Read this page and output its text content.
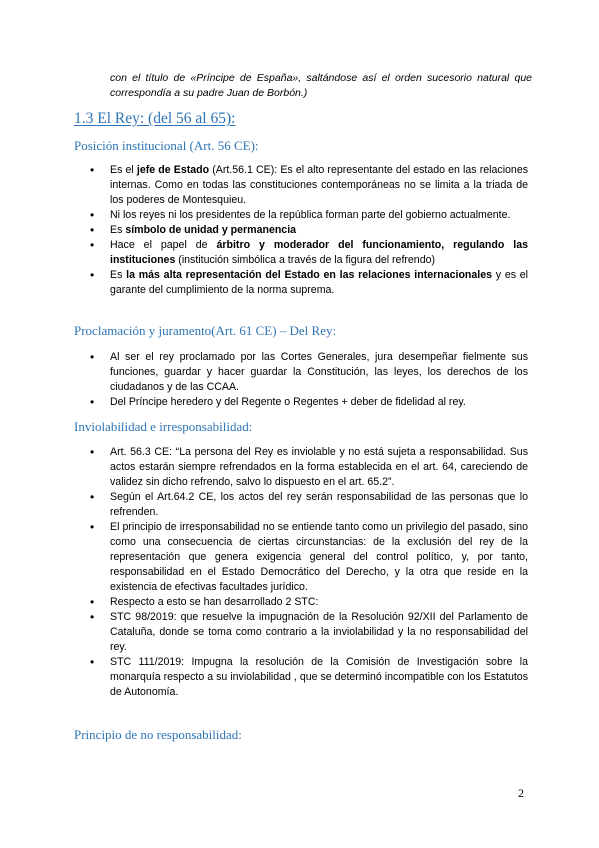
con el título de «Príncipe de España», saltándose así el orden sucesorio natural que correspondía a su padre Juan de Borbón.)
1.3 El Rey: (del 56 al 65):
Posición institucional (Art. 56 CE):
• Es el jefe de Estado (Art.56.1 CE): Es el alto representante del estado en las relaciones internas. Como en todas las constituciones contemporáneas no se limita a la triada de los poderes de Montesquieu.
• Ni los reyes ni los presidentes de la república forman parte del gobierno actualmente.
• Es símbolo de unidad y permanencia
• Hace el papel de árbitro y moderador del funcionamiento, regulando las instituciones (institución simbólica a través de la figura del refrendo)
• Es la más alta representación del Estado en las relaciones internacionales y es el garante del cumplimiento de la norma suprema.
Proclamación y juramento(Art. 61 CE) – Del Rey:
• Al ser el rey proclamado por las Cortes Generales, jura desempeñar fielmente sus funciones, guardar y hacer guardar la Constitución, las leyes, los derechos de los ciudadanos y de las CCAA.
• Del Príncipe heredero y del Regente o Regentes + deber de fidelidad al rey.
Inviolabilidad e irresponsabilidad:
• Art. 56.3 CE: “La persona del Rey es inviolable y no está sujeta a responsabilidad. Sus actos estarán siempre refrendados en la forma establecida en el art. 64, careciendo de validez sin dicho refrendo, salvo lo dispuesto en el art. 65.2”.
• Según el Art.64.2 CE, los actos del rey serán responsabilidad de las personas que lo refrenden.
• El principio de irresponsabilidad no se entiende tanto como un privilegio del pasado, sino como una consecuencia de ciertas circunstancias: de la exclusión del rey de la representación que genera exigencia general del control político, y, por tanto, responsabilidad en el Estado Democrático del Derecho, y la otra que reside en la existencia de efectivas facultades jurídico.
• Respecto a esto se han desarrollado 2 STC:
• STC 98/2019: que resuelve la impugnación de la Resolución 92/XII del Parlamento de Cataluña, donde se toma como contrario a la inviolabilidad y la no responsabilidad del rey.
• STC 111/2019: Impugna la resolución de la Comisión de Investigación sobre la monarquía respecto a su inviolabilidad , que se determinó incompatible con los Estatutos de Autonomía.
Principio de no responsabilidad:
2
